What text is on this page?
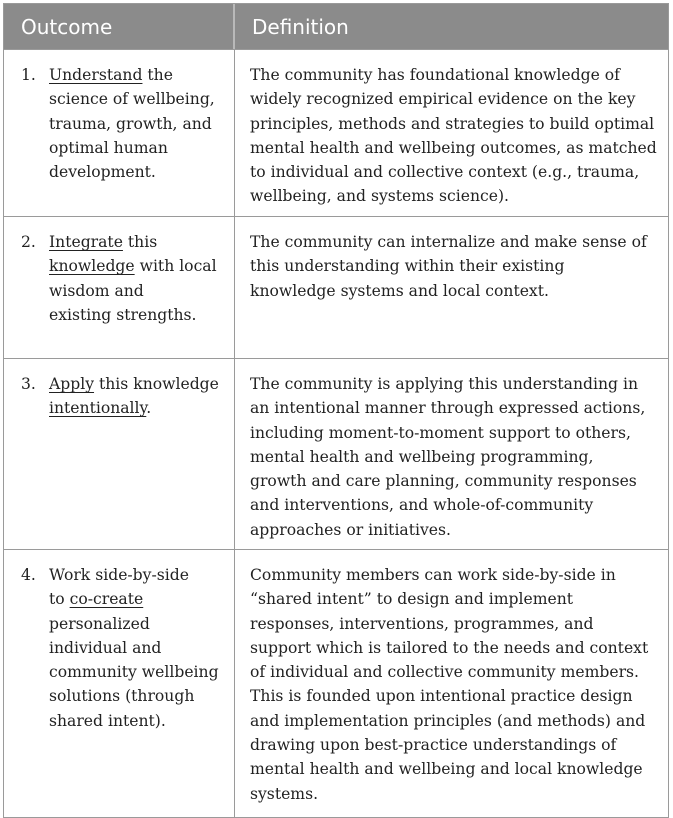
Outcome	Definition
1. Understand the
science of wellbeing,
trauma, growth, and
optimal human
development.
The community has foundational knowledge of
widely recognized empirical evidence on the key
principles, methods and strategies to build optimal
mental health and wellbeing outcomes, as matched
to individual and collective context (e.g., trauma,
wellbeing, and systems science).
2. Integrate this
knowledge with local
wisdom and
existing strengths.
The community can internalize and make sense of
this understanding within their existing
knowledge systems and local context.
3. Apply this knowledge
intentionally.
The community is applying this understanding in
an intentional manner through expressed actions,
including moment-to-moment support to others,
mental health and wellbeing programming,
growth and care planning, community responses
and interventions, and whole-of-community
approaches or initiatives.
4. Work side-by-side
to co-create
personalized
individual and
community wellbeing
solutions (through
shared intent).
Community members can work side-by-side in
“shared intent” to design and implement
responses, interventions, programmes, and
support which is tailored to the needs and context
of individual and collective community members.
This is founded upon intentional practice design
and implementation principles (and methods) and
drawing upon best-practice understandings of
mental health and wellbeing and local knowledge
systems.
